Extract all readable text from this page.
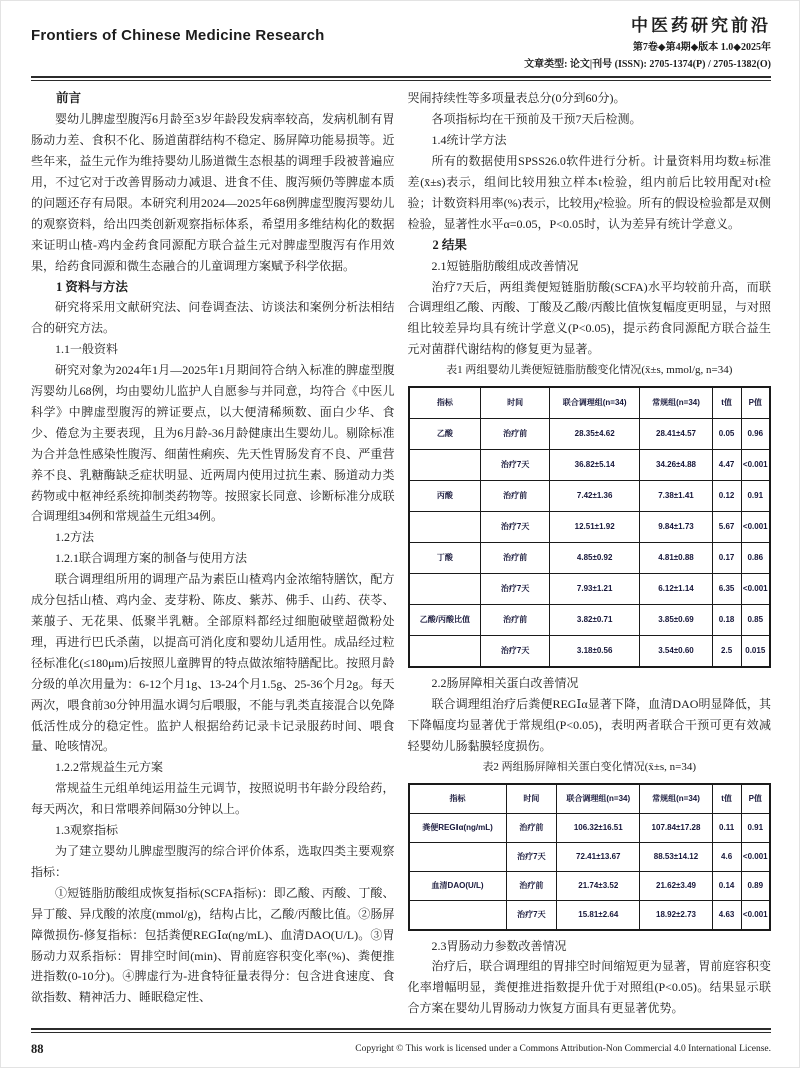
Frontiers of Chinese Medicine Research
中医药研究前沿
第7卷◆第4期◆版本 1.0◆2025年
文章类型: 论文|刊号 (ISSN): 2705-1374(P) / 2705-1382(O)
前言
婴幼儿脾虚型腹泻6月龄至3岁年龄段发病率较高，发病机制有胃肠动力差、食积不化、肠道菌群结构不稳定、肠屏障功能易损等。近些年来，益生元作为维持婴幼儿肠道微生态根基的调理手段被普遍应用，不过它对于改善胃肠动力减退、进食不佳、腹泻频仍等脾虚本质的问题还存有局限。本研究利用2024—2025年68例脾虚型腹泻婴幼儿的观察资料，给出四类创新观察指标体系，希望用多维结构化的数据来证明山楂-鸡内金药食同源配方联合益生元对脾虚型腹泻有作用效果，给药食同源和微生态融合的儿童调理方案赋予科学依据。
1 资料与方法
研究将采用文献研究法、问卷调查法、访谈法和案例分析法相结合的研究方法。
1.1一般资料
研究对象为2024年1月—2025年1月期间符合纳入标准的脾虚型腹泻婴幼儿68例，均由婴幼儿监护人自愿参与并同意，均符合《中医儿科学》中脾虚型腹泻的辨证要点，以大便清稀频数、面白少华、食少、倦怠为主要表现，且为6月龄-36月龄健康出生婴幼儿。剔除标准为合并急性感染性腹泻、细菌性痢疾、先天性胃肠发育不良、严重营养不良、乳糖酶缺乏症状明显、近两周内使用过抗生素、肠道动力类药物或中枢神经系统抑制类药物等。按照家长同意、诊断标准分成联合调理组34例和常规益生元组34例。
1.2方法
1.2.1联合调理方案的制备与使用方法
联合调理组所用的调理产品为素臣山楂鸡内金浓缩特膳饮，配方成分包括山楂、鸡内金、麦芽粉、陈皮、紫苏、佛手、山药、茯苓、莱菔子、无花果、低聚半乳糖。全部原料都经过细胞破壁超微粉处理，再进行巴氏杀菌，以提高可消化度和婴幼儿适用性。成品经过粒径标准化(≤180μm)后按照儿童脾胃的特点做浓缩特膳配比。按照月龄分级的单次用量为：6-12个月1g、13-24个月1.5g、25-36个月2g。每天两次，喂食前30分钟用温水调匀后喂服，不能与乳类直接混合以免降低活性成分的稳定性。监护人根据给药记录卡记录服药时间、喂食量、呛咳情况。
1.2.2常规益生元方案
常规益生元组单纯运用益生元调节，按照说明书年龄分段给药，每天两次，和日常喂养间隔30分钟以上。
1.3观察指标
为了建立婴幼儿脾虚型腹泻的综合评价体系，选取四类主要观察指标：
①短链脂肪酸组成恢复指标(SCFA指标)：即乙酸、丙酸、丁酸、异丁酸、异戊酸的浓度(mmol/g)，结构占比，乙酸/丙酸比值。②肠屏障微损伤-修复指标：包括粪便REGⅠα(ng/mL)、血清DAO(U/L)。③胃肠动力双系指标：胃排空时间(min)、胃前庭容积变化率(%)、粪便推进指数(0-10分)。④脾虚行为-进食特征量表得分：包含进食速度、食欲指数、精神活力、睡眠稳定性、
哭闹持续性等多项量表总分(0分到60分)。
各项指标均在干预前及干预7天后检测。
1.4统计学方法
所有的数据使用SPSS26.0软件进行分析。计量资料用均数±标准差(x̄±s)表示，组间比较用独立样本t检验，组内前后比较用配对t检验；计数资料用率(%)表示，比较用χ²检验。所有的假设检验都是双侧检验，显著性水平α=0.05，P<0.05时，认为差异有统计学意义。
2 结果
2.1短链脂肪酸组成改善情况
治疗7天后，两组粪便短链脂肪酸(SCFA)水平均较前升高，而联合调理组乙酸、丙酸、丁酸及乙酸/丙酸比值恢复幅度更明显，与对照组比较差异均具有统计学意义(P<0.05)，提示药食同源配方联合益生元对菌群代谢结构的修复更为显著。
表1 两组婴幼儿粪便短链脂肪酸变化情况(x̄±s, mmol/g, n=34)
指标	时间	联合调理组(n=34)	常规组(n=34)	t值	P值
乙酸	治疗前	28.35±4.62	28.41±4.57	0.05	0.96
	治疗7天	36.82±5.14	34.26±4.88	4.47	<0.001
丙酸	治疗前	7.42±1.36	7.38±1.41	0.12	0.91
	治疗7天	12.51±1.92	9.84±1.73	5.67	<0.001
丁酸	治疗前	4.85±0.92	4.81±0.88	0.17	0.86
	治疗7天	7.93±1.21	6.12±1.14	6.35	<0.001
乙酸/丙酸比值	治疗前	3.82±0.71	3.85±0.69	0.18	0.85
	治疗7天	3.18±0.56	3.54±0.60	2.5	0.015
2.2肠屏障相关蛋白改善情况
联合调理组治疗后粪便REGⅠα显著下降，血清DAO明显降低，其下降幅度均显著优于常规组(P<0.05)，表明两者联合干预可更有效减轻婴幼儿肠黏膜轻度损伤。
表2 两组肠屏障相关蛋白变化情况(x̄±s, n=34)
指标	时间	联合调理组(n=34)	常规组(n=34)	t值	P值
粪便REGⅠα(ng/mL)	治疗前	106.32±16.51	107.84±17.28	0.11	0.91
	治疗7天	72.41±13.67	88.53±14.12	4.6	<0.001
血清DAO(U/L)	治疗前	21.74±3.52	21.62±3.49	0.14	0.89
	治疗7天	15.81±2.64	18.92±2.73	4.63	<0.001
2.3胃肠动力参数改善情况
治疗后，联合调理组的胃排空时间缩短更为显著，胃前庭容积变化率增幅明显，粪便推进指数提升优于对照组(P<0.05)。结果显示联合方案在婴幼儿胃肠动力恢复方面具有更显著优势。
88	Copyright © This work is licensed under a Commons Attribution-Non Commercial 4.0 International License.
